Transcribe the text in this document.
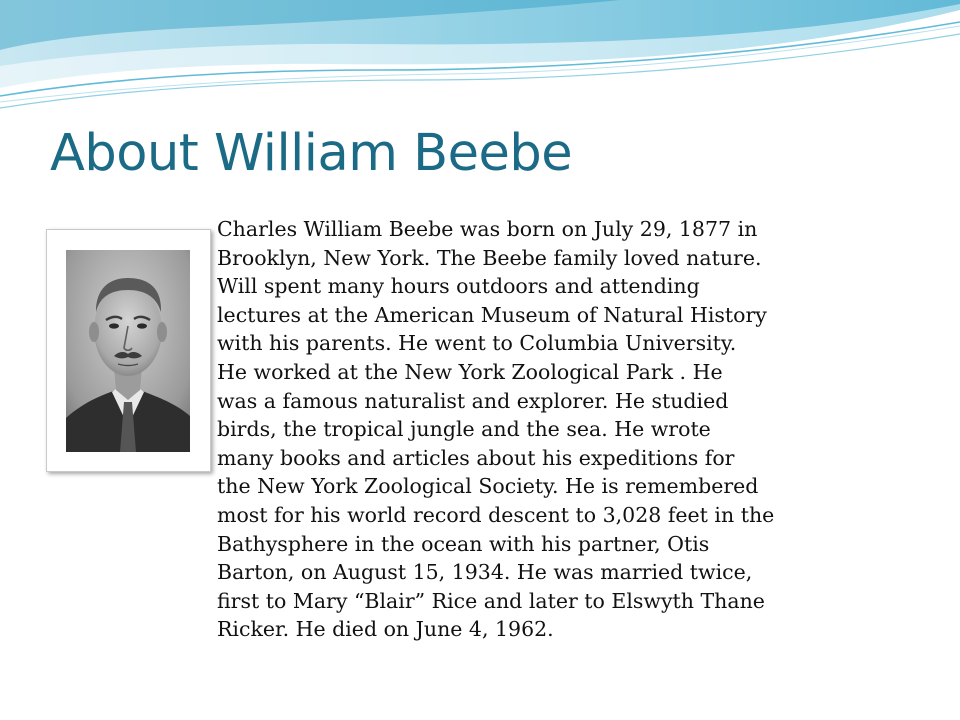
About William Beebe

Charles William Beebe was born on July 29, 1877 in
Brooklyn, New York. The Beebe family loved nature.
Will spent many hours outdoors and attending
lectures at the American Museum of Natural History
with his parents. He went to Columbia University.
He worked at the New York Zoological Park . He
was a famous naturalist and explorer. He studied
birds, the tropical jungle and the sea. He wrote
many books and articles about his expeditions for
the New York Zoological Society. He is remembered
most for his world record descent to 3,028 feet in the
Bathysphere in the ocean with his partner, Otis
Barton, on August 15, 1934. He was married twice,
first to Mary “Blair” Rice and later to Elswyth Thane
Ricker. He died on June 4, 1962.
